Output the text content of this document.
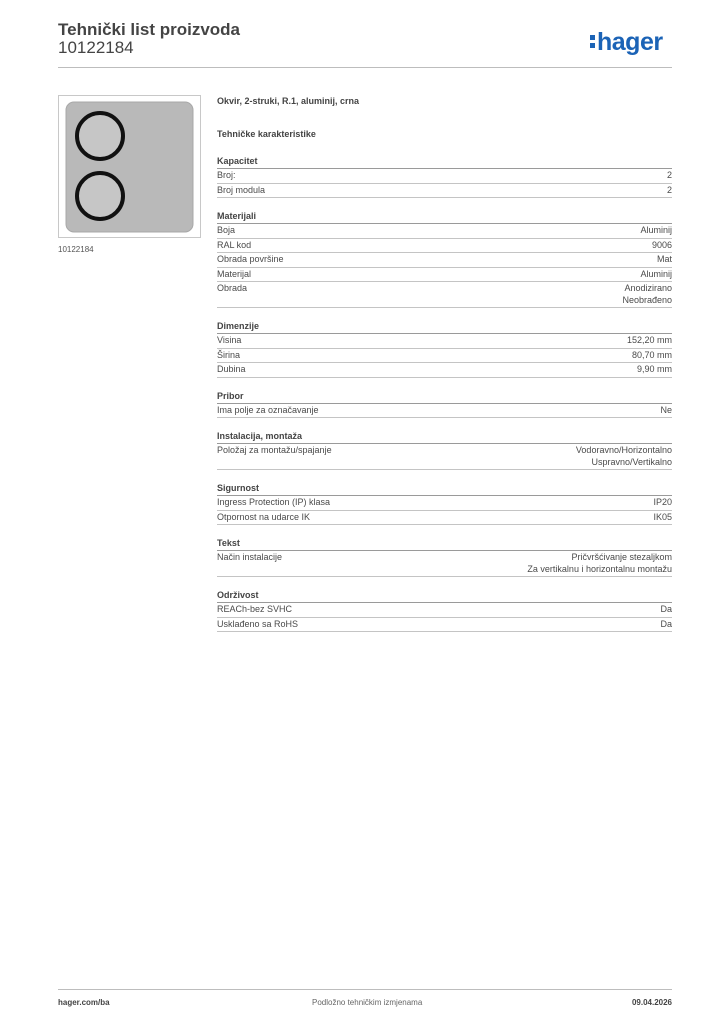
Tehnički list proizvoda
10122184	hager
10122184
Okvir, 2-struki, R.1, aluminij, crna
Tehničke karakteristike
Kapacitet
Broj:	2
Broj modula	2
Materijali
Boja	Aluminij
RAL kod	9006
Obrada površine	Mat
Materijal	Aluminij
Obrada	Anodizirano
Neobrađeno
Dimenzije
Visina	152,20 mm
Širina	80,70 mm
Dubina	9,90 mm
Pribor
Ima polje za označavanje	Ne
Instalacija, montaža
Položaj za montažu/spajanje	Vodoravno/Horizontalno
Uspravno/Vertikalno
Sigurnost
Ingress Protection (IP) klasa	IP20
Otpornost na udarce IK	IK05
Tekst
Način instalacije	Pričvršćivanje stezaljkom
Za vertikalnu i horizontalnu montažu
Održivost
REACh-bez SVHC	Da
Usklađeno sa RoHS	Da
hager.com/ba	Podložno tehničkim izmjenama	09.04.2026
